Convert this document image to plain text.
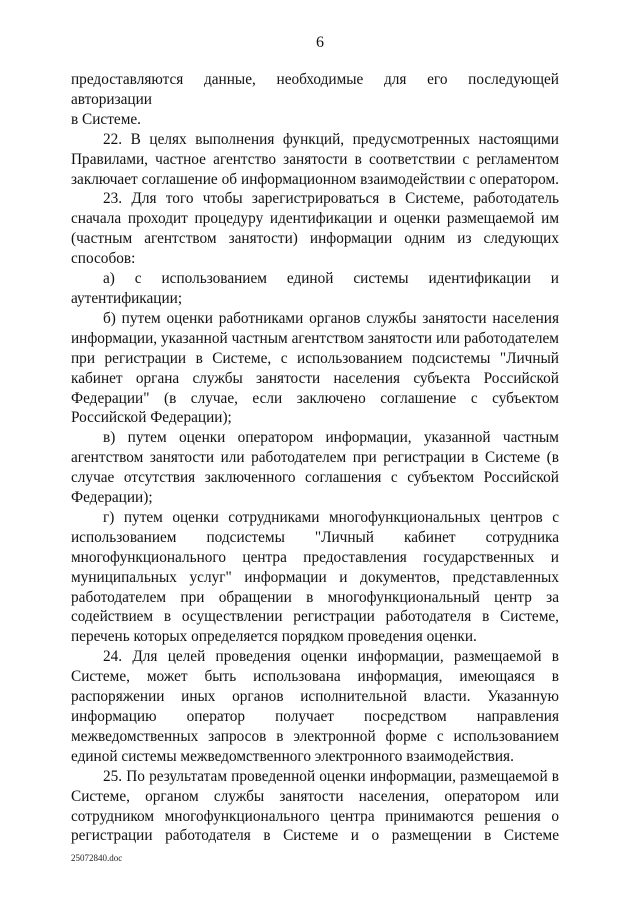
6

предоставляются данные, необходимые для его последующей авторизации

в Системе.

22. В целях выполнения функций, предусмотренных настоящими

Правилами, частное агентство занятости в соответствии с регламентом

заключает соглашение об информационном взаимодействии с оператором.

23. Для того чтобы зарегистрироваться в Системе, работодатель

сначала проходит процедуру идентификации и оценки размещаемой им

(частным агентством занятости) информации одним из следующих

способов:

а) с использованием единой системы идентификации и

аутентификации;

б) путем оценки работниками органов службы занятости населения

информации, указанной частным агентством занятости или работодателем

при регистрации в Системе, с использованием подсистемы "Личный

кабинет органа службы занятости населения субъекта Российской

Федерации" (в случае, если заключено соглашение с субъектом

Российской Федерации);

в) путем оценки оператором информации, указанной частным

агентством занятости или работодателем при регистрации в Системе (в

случае отсутствия заключенного соглашения с субъектом Российской

Федерации);

г) путем оценки сотрудниками многофункциональных центров с

использованием подсистемы "Личный кабинет сотрудника

многофункционального центра предоставления государственных и

муниципальных услуг" информации и документов, представленных

работодателем при обращении в многофункциональный центр за

содействием в осуществлении регистрации работодателя в Системе,

перечень которых определяется порядком проведения оценки.

24. Для целей проведения оценки информации, размещаемой в

Системе, может быть использована информация, имеющаяся в

распоряжении иных органов исполнительной власти. Указанную

информацию оператор получает посредством направления

межведомственных запросов в электронной форме с использованием

единой системы межведомственного электронного взаимодействия.

25. По результатам проведенной оценки информации, размещаемой в

Системе, органом службы занятости населения, оператором или

сотрудником многофункционального центра принимаются решения о

регистрации работодателя в Системе и о размещении в Системе

25072840.doc
